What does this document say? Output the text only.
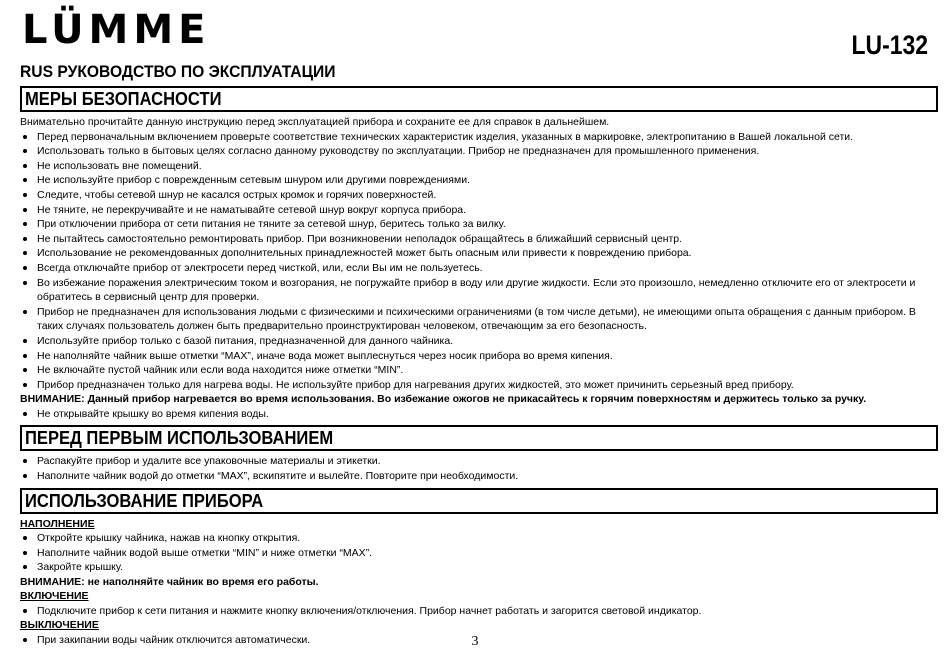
LÜMME	LU-132
RUS РУКОВОДСТВО ПО ЭКСПЛУАТАЦИИ
МЕРЫ БЕЗОПАСНОСТИ
Внимательно прочитайте данную инструкцию перед эксплуатацией прибора и сохраните ее для справок в дальнейшем.
Перед первоначальным включением проверьте соответствие технических характеристик изделия, указанных в маркировке, электропитанию в Вашей локальной сети.
Использовать только в бытовых целях согласно данному руководству по эксплуатации. Прибор не предназначен для промышленного применения.
Не использовать вне помещений.
Не используйте прибор с поврежденным сетевым шнуром или другими повреждениями.
Следите, чтобы сетевой шнур не касался острых кромок и горячих поверхностей.
Не тяните, не перекручивайте и не наматывайте сетевой шнур вокруг корпуса прибора.
При отключении прибора от сети питания не тяните за сетевой шнур, беритесь только за вилку.
Не пытайтесь самостоятельно ремонтировать прибор. При возникновении неполадок обращайтесь в ближайший сервисный центр.
Использование не рекомендованных дополнительных принадлежностей может быть опасным или привести к повреждению прибора.
Всегда отключайте прибор от электросети перед чисткой, или, если Вы им не пользуетесь.
Во избежание поражения электрическим током и возгорания, не погружайте прибор в воду или другие жидкости. Если это произошло, немедленно отключите его от электросети и обратитесь в сервисный центр для проверки.
Прибор не предназначен для использования людьми с физическими и психическими ограничениями (в том числе детьми), не имеющими опыта обращения с данным прибором. В таких случаях пользователь должен быть предварительно проинструктирован человеком, отвечающим за его безопасность.
Используйте прибор только с базой питания, предназначенной для данного чайника.
Не наполняйте чайник выше отметки “MAX”, иначе вода может выплеснуться через носик прибора во время кипения.
Не включайте пустой чайник или если вода находится ниже отметки “MIN”.
Прибор предназначен только для нагрева воды. Не используйте прибор для нагревания других жидкостей, это может причинить серьезный вред прибору.
ВНИМАНИЕ: Данный прибор нагревается во время использования. Во избежание ожогов не прикасайтесь к горячим поверхностям и держитесь только за ручку.
Не открывайте крышку во время кипения воды.
ПЕРЕД ПЕРВЫМ ИСПОЛЬЗОВАНИЕМ
Распакуйте прибор и удалите все упаковочные материалы и этикетки.
Наполните чайник водой до отметки “MAX”, вскипятите и вылейте. Повторите при необходимости.
ИСПОЛЬЗОВАНИЕ ПРИБОРА
НАПОЛНЕНИЕ
Откройте крышку чайника, нажав на кнопку открытия.
Наполните чайник водой выше отметки “MIN” и ниже отметки “MAX”.
Закройте крышку.
ВНИМАНИЕ: не наполняйте чайник во время его работы.
ВКЛЮЧЕНИЕ
Подключите прибор к сети питания и нажмите кнопку включения/отключения. Прибор начнет работать и загорится световой индикатор.
ВЫКЛЮЧЕНИЕ
При закипании воды чайник отключится автоматически.	3
